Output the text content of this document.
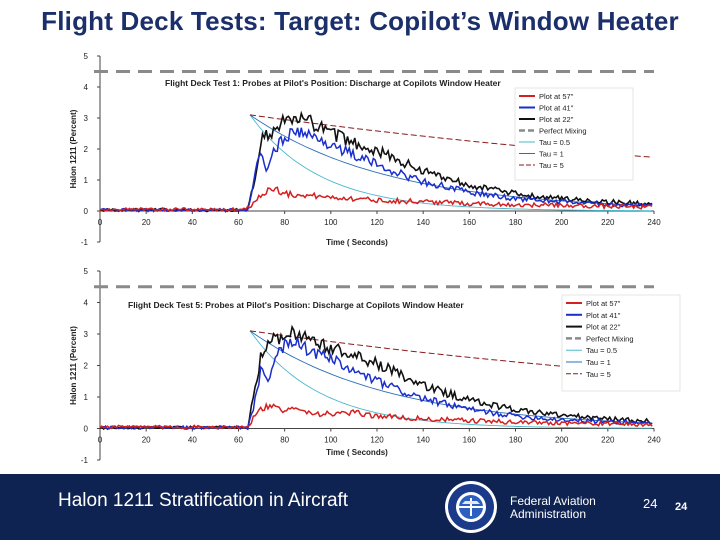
Flight Deck Tests: Target: Copilot’s Window Heater
-1
0
1
2
3
4
5
0	20	40	60	80	100	120	140	160	180	200	220	240
Time ( Seconds)
Halon 1211 (Percent)
Flight Deck Test 1: Probes at Pilot's Position: Discharge at Copilots Window Heater
Plot at 57"
Plot at 41"
Plot at 22"
Perfect Mixing
Tau = 0.5
Tau = 1
Tau = 5
-1
0
1
2
3
4
5
0	20	40	60	80	100	120	140	160	180	200	220	240
Time ( Seconds)
Halon 1211 (Percent)
Flight Deck Test 5: Probes at Pilot's Position: Discharge at Copilots Window Heater	Plot at 57"
Plot at 41"
Plot at 22"
Perfect Mixing
Tau = 0.5
Tau = 1
Tau = 5
Halon 1211 Stratification in Aircraft	Federal Aviation
Administration
24 24
